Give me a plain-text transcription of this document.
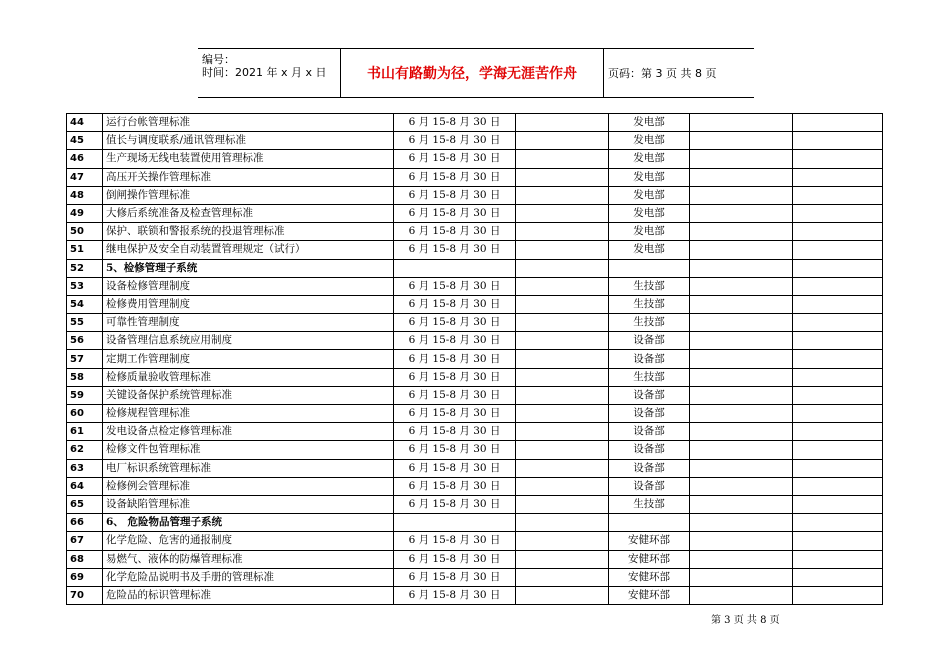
编号：
时间：2021 年 x 月 x 日	书山有路勤为径，学海无涯苦作舟	页码：第 3 页 共 8 页
44	运行台帐管理标准	6 月 15-8 月 30 日		发电部		
45	值长与调度联系/通讯管理标准	6 月 15-8 月 30 日		发电部		
46	生产现场无线电装置使用管理标准	6 月 15-8 月 30 日		发电部		
47	高压开关操作管理标准	6 月 15-8 月 30 日		发电部		
48	倒闸操作管理标准	6 月 15-8 月 30 日		发电部		
49	大修后系统准备及检查管理标准	6 月 15-8 月 30 日		发电部		
50	保护、联锁和警报系统的投退管理标准	6 月 15-8 月 30 日		发电部		
51	继电保护及安全自动装置管理规定（试行）	6 月 15-8 月 30 日		发电部		
52	5、检修管理子系统					
53	设备检修管理制度	6 月 15-8 月 30 日		生技部		
54	检修费用管理制度	6 月 15-8 月 30 日		生技部		
55	可靠性管理制度	6 月 15-8 月 30 日		生技部		
56	设备管理信息系统应用制度	6 月 15-8 月 30 日		设备部		
57	定期工作管理制度	6 月 15-8 月 30 日		设备部		
58	检修质量验收管理标准	6 月 15-8 月 30 日		生技部		
59	关键设备保护系统管理标准	6 月 15-8 月 30 日		设备部		
60	检修规程管理标准	6 月 15-8 月 30 日		设备部		
61	发电设备点检定修管理标准	6 月 15-8 月 30 日		设备部		
62	检修文件包管理标准	6 月 15-8 月 30 日		设备部		
63	电厂标识系统管理标准	6 月 15-8 月 30 日		设备部		
64	检修例会管理标准	6 月 15-8 月 30 日		设备部		
65	设备缺陷管理标准	6 月 15-8 月 30 日		生技部		
66	6、 危险物品管理子系统					
67	化学危险、危害的通报制度	6 月 15-8 月 30 日		安健环部		
68	易燃气、液体的防爆管理标准	6 月 15-8 月 30 日		安健环部		
69	化学危险品说明书及手册的管理标准	6 月 15-8 月 30 日		安健环部		
70	危险品的标识管理标准	6 月 15-8 月 30 日		安健环部		
第 3 页 共 8 页
